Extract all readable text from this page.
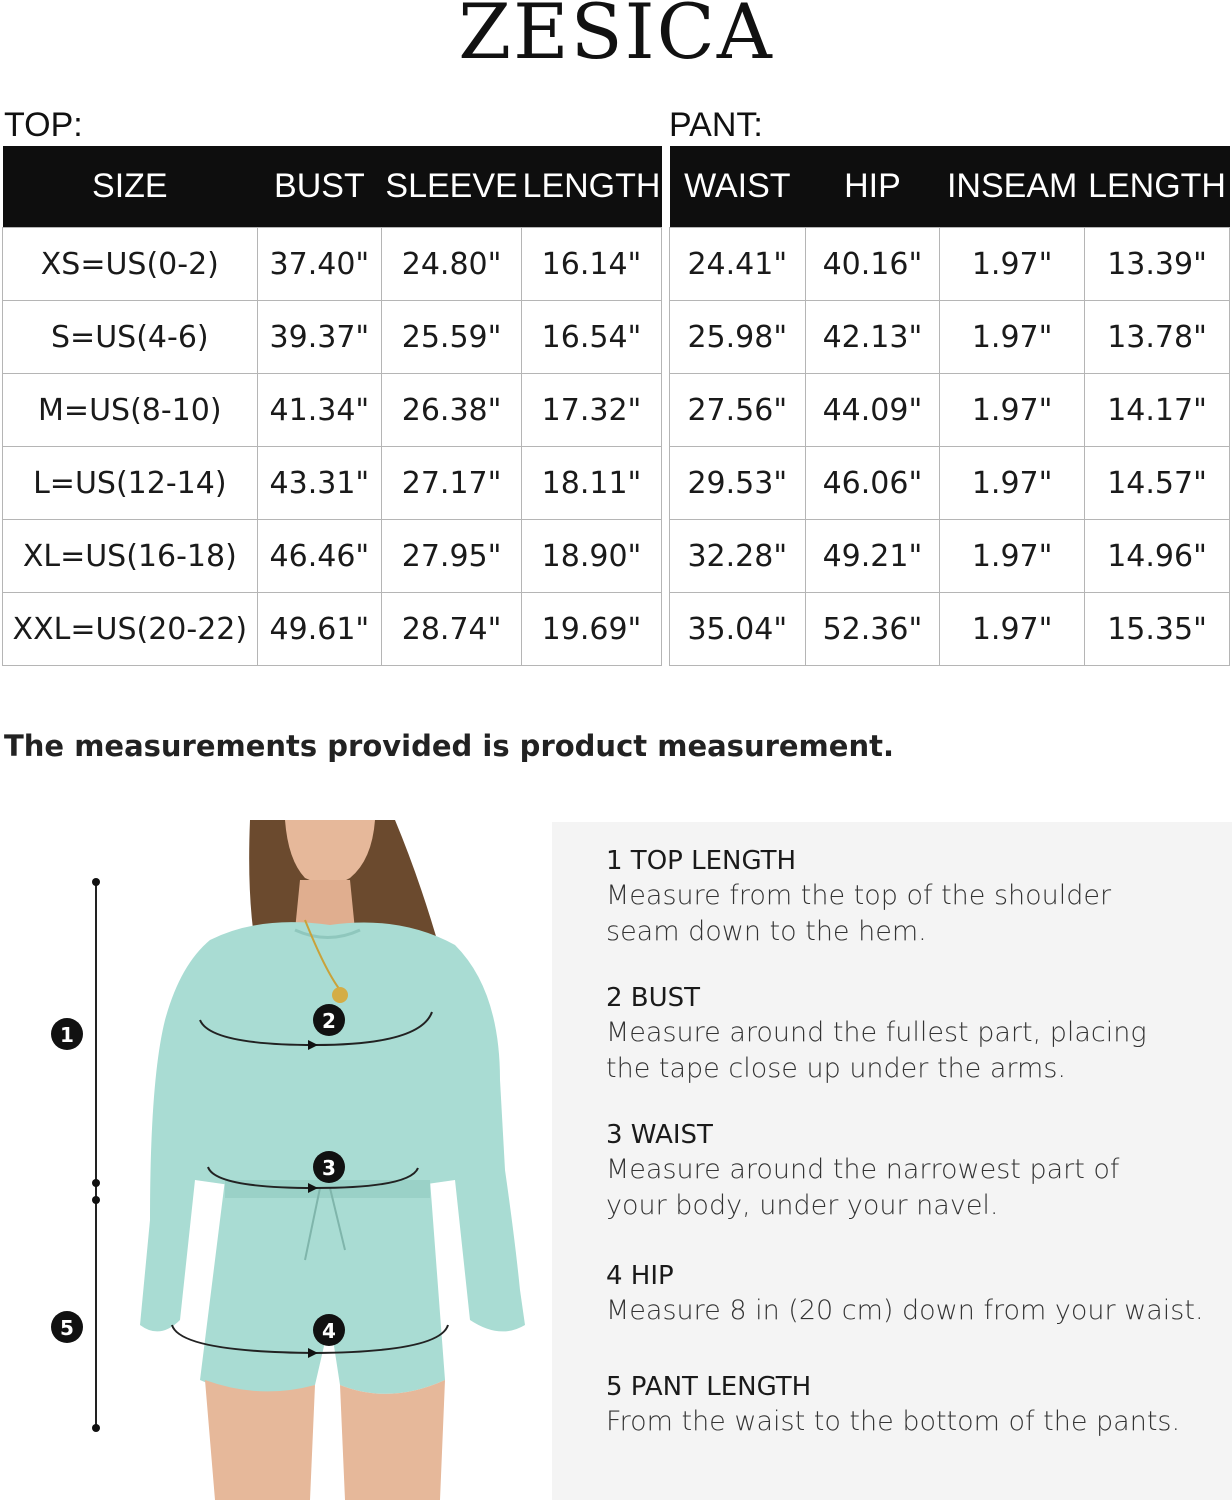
ZESICA
TOP:	PANT:
SIZE	BUST	SLEEVE	LENGTH
XS=US(0-2)	37.40"	24.80"	16.14"
S=US(4-6)	39.37"	25.59"	16.54"
M=US(8-10)	41.34"	26.38"	17.32"
L=US(12-14)	43.31"	27.17"	18.11"
XL=US(16-18)	46.46"	27.95"	18.90"
XXL=US(20-22)	49.61"	28.74"	19.69"
WAIST	HIP	INSEAM	LENGTH
24.41"	40.16"	1.97"	13.39"
25.98"	42.13"	1.97"	13.78"
27.56"	44.09"	1.97"	14.17"
29.53"	46.06"	1.97"	14.57"
32.28"	49.21"	1.97"	14.96"
35.04"	52.36"	1.97"	15.35"
The measurements provided is product measurement.
1
2
3
4
5
1 TOP LENGTH
Measure from the top of the shoulder
seam down to the hem.
2 BUST
Measure around the fullest part, placing
the tape close up under the arms.
3 WAIST
Measure around the narrowest part of
your body, under your navel.
4 HIP
Measure 8 in (20 cm) down from your waist.
5 PANT LENGTH
From the waist to the bottom of the pants.
